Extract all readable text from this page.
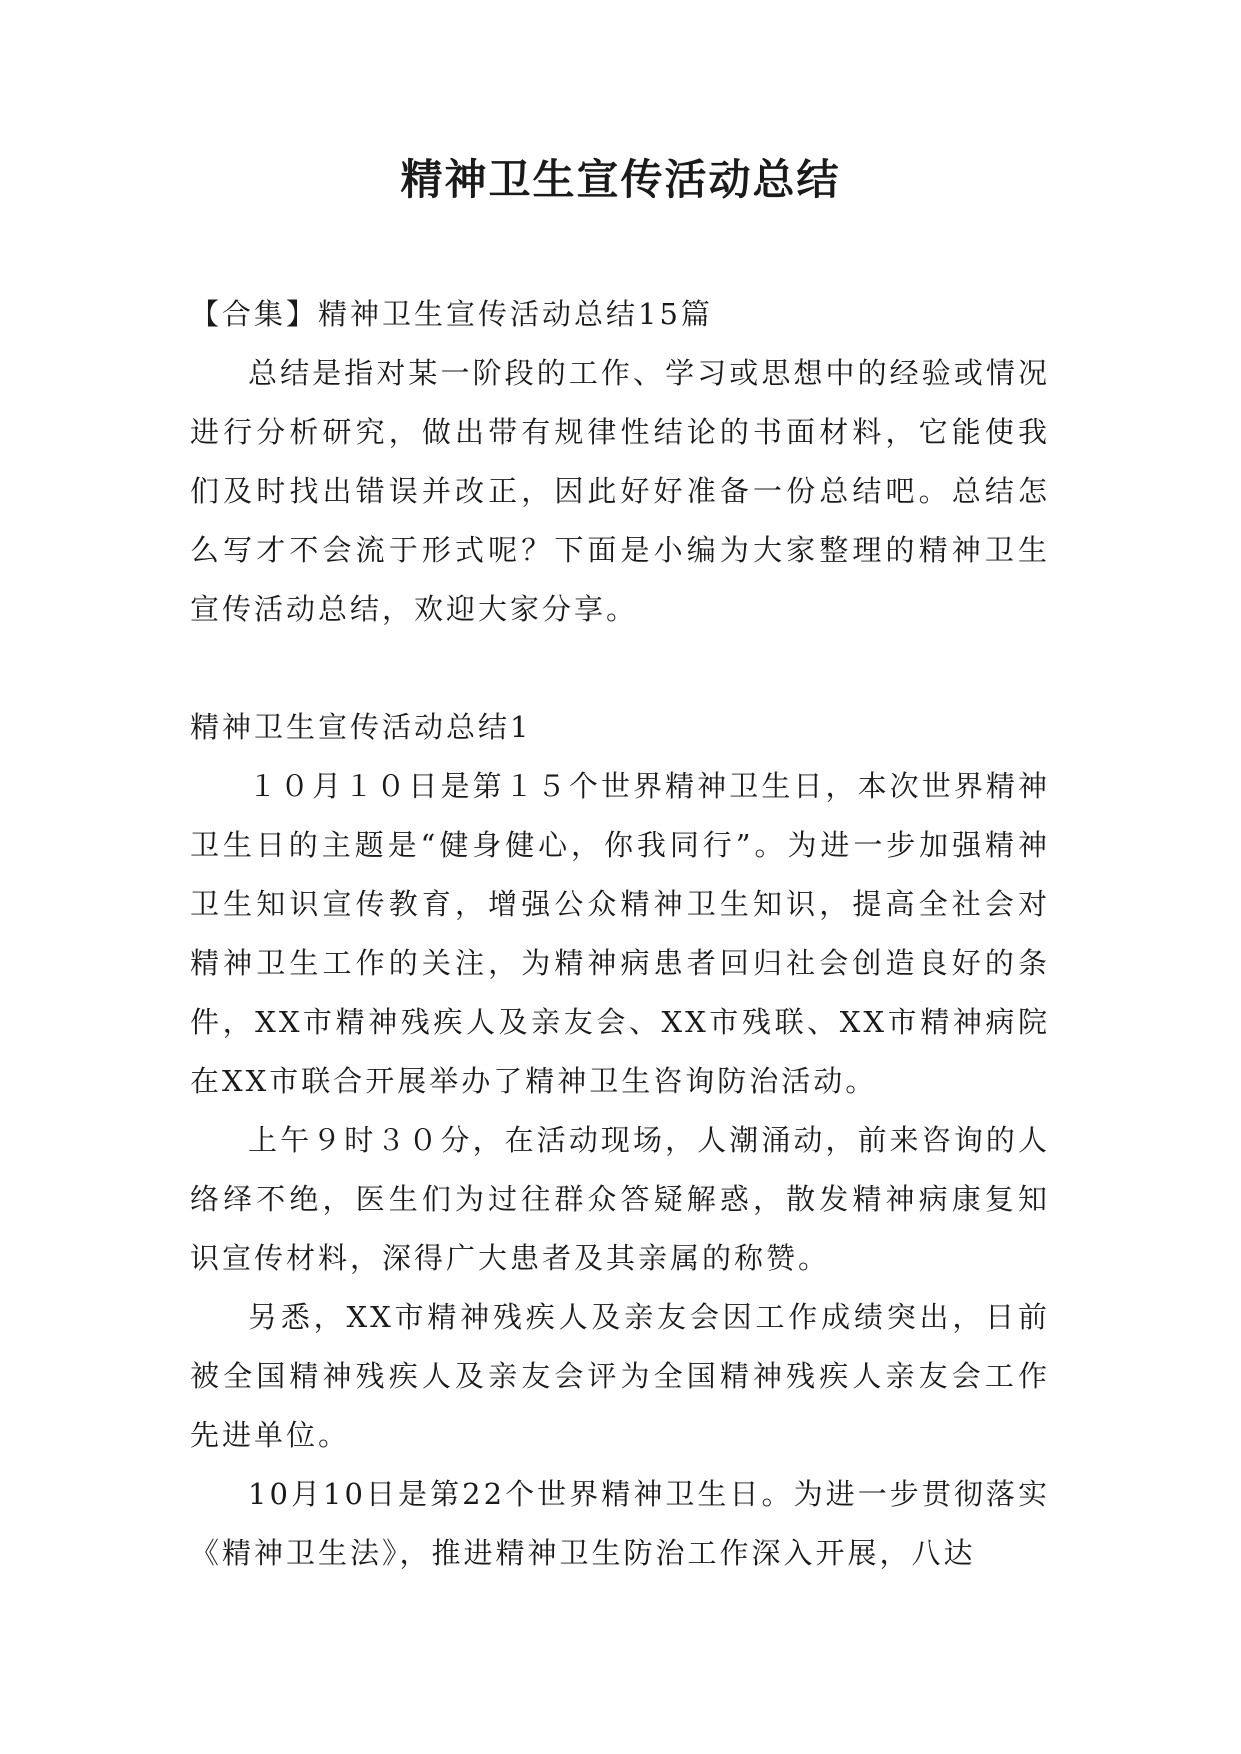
精神卫生宣传活动总结

【合集】精神卫生宣传活动总结15篇

总结是指对某一阶段的工作、学习或思想中的经验或情况进行分析研究，做出带有规律性结论的书面材料，它能使我们及时找出错误并改正，因此好好准备一份总结吧。总结怎么写才不会流于形式呢？下面是小编为大家整理的精神卫生宣传活动总结，欢迎大家分享。

精神卫生宣传活动总结1

１０月１０日是第１５个世界精神卫生日，本次世界精神卫生日的主题是“健身健心，你我同行”。为进一步加强精神卫生知识宣传教育，增强公众精神卫生知识，提高全社会对精神卫生工作的关注，为精神病患者回归社会创造良好的条件，XX市精神残疾人及亲友会、XX市残联、XX市精神病院在XX市联合开展举办了精神卫生咨询防治活动。

上午９时３０分，在活动现场，人潮涌动，前来咨询的人络绎不绝，医生们为过往群众答疑解惑，散发精神病康复知识宣传材料，深得广大患者及其亲属的称赞。

另悉，XX市精神残疾人及亲友会因工作成绩突出，日前被全国精神残疾人及亲友会评为全国精神残疾人亲友会工作先进单位。

10月10日是第22个世界精神卫生日。为进一步贯彻落实《精神卫生法》，推进精神卫生防治工作深入开展，八达
